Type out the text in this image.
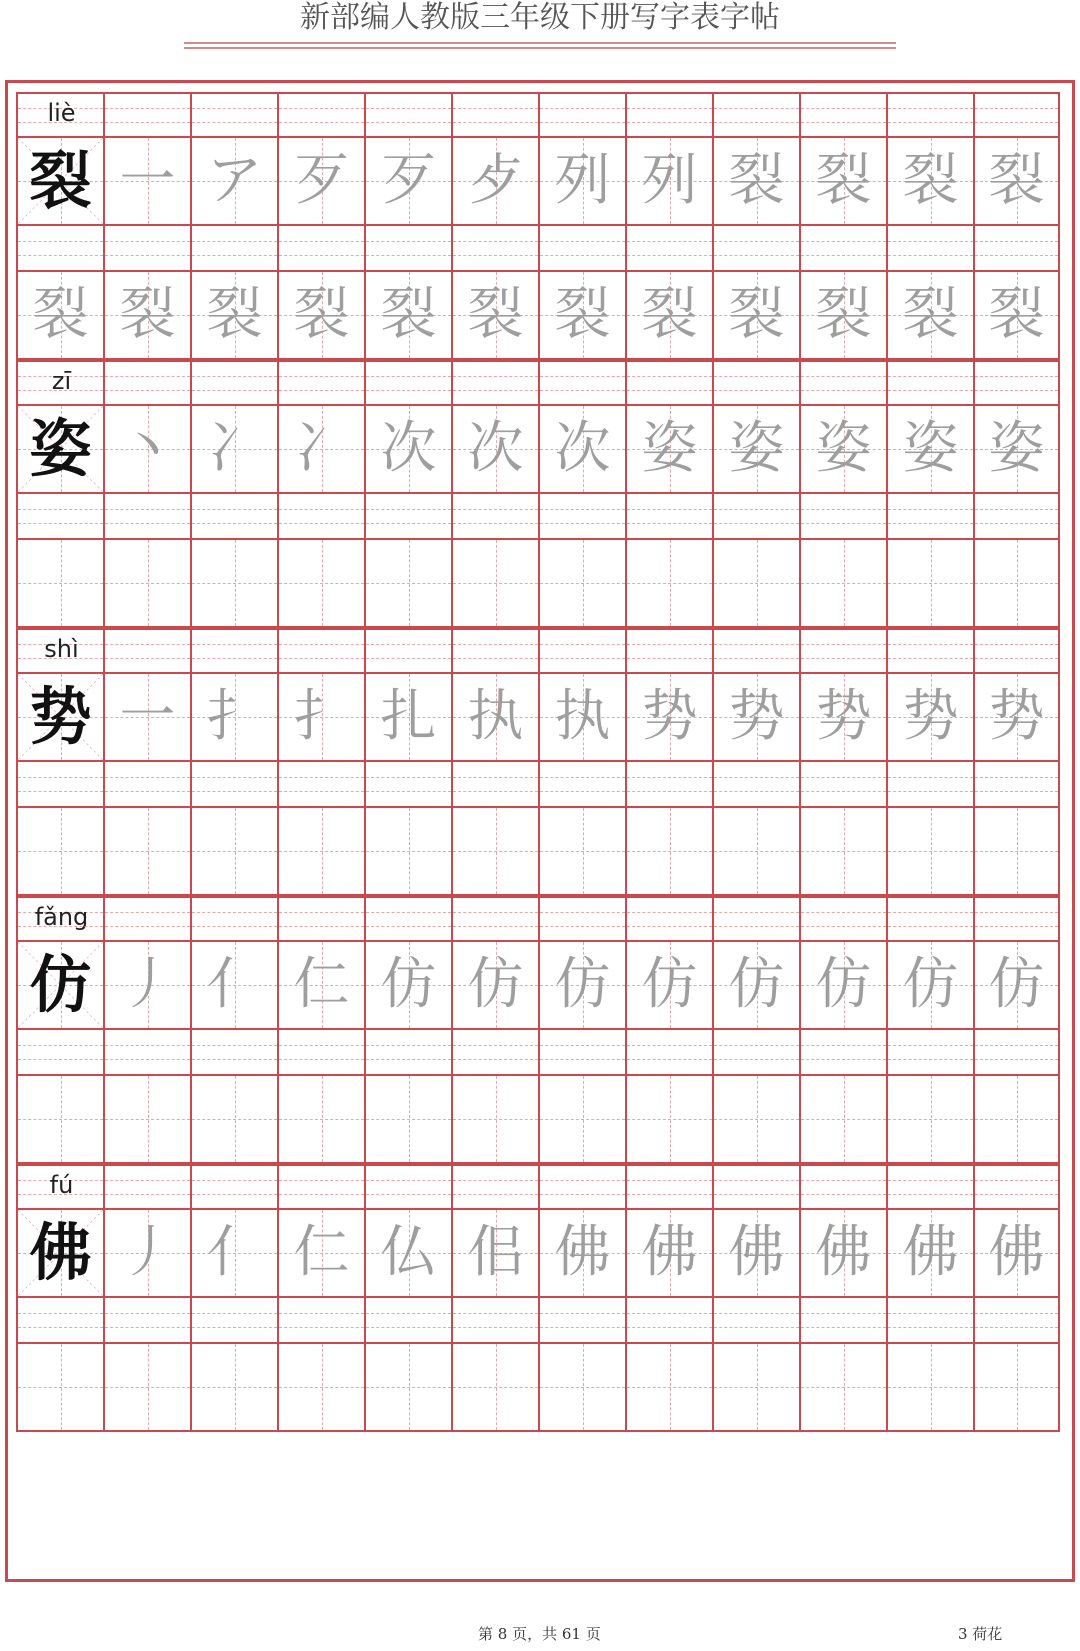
新部编人教版三年级下册写字表字帖
liè
裂 一 ア 歹 歹 歺 列 列 裂 裂 裂 裂
裂 裂 裂 裂 裂 裂 裂 裂 裂 裂 裂 裂
zī
姿 丶 冫 冫 次 次 次 姿 姿 姿 姿 姿
shì
势 一 扌 扌 扎 执 执 势 势 势 势 势
fǎng
仿 丿 亻 仁 仿 仿 仿 仿 仿 仿 仿 仿
fú
佛 丿 亻 仁 仏 佀 佛 佛 佛 佛 佛 佛
第 8 页，共 61 页	3 荷花
